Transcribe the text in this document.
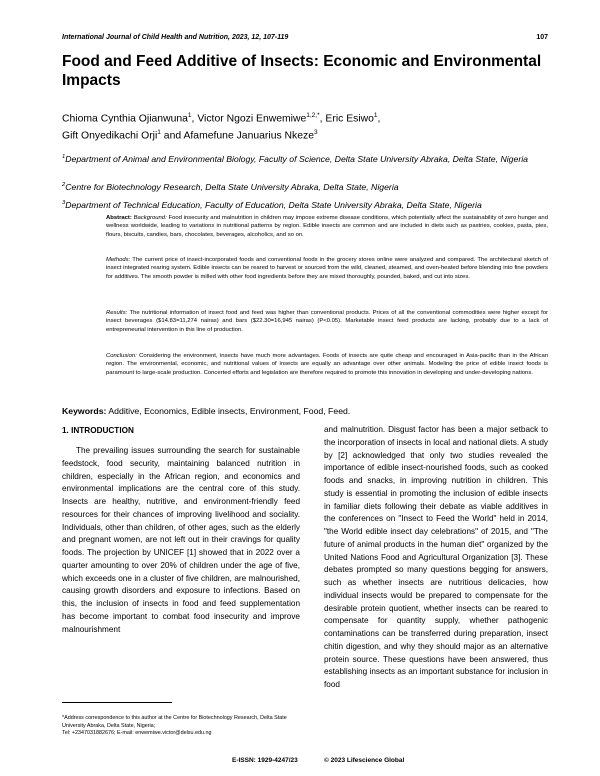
International Journal of Child Health and Nutrition, 2023, 12, 107-119	107
Food and Feed Additive of Insects: Economic and Environmental Impacts
Chioma Cynthia Ojianwuna$^1$, Victor Ngozi Enwemiwe$^{1,2,*}$, Eric Esiwo$^1$,
Gift Onyedikachi Orji$^1$ and Afamefune Januarius Nkeze$^3$
$^1$Department of Animal and Environmental Biology, Faculty of Science, Delta State University Abraka, Delta State, Nigeria
$^2$Centre for Biotechnology Research, Delta State University Abraka, Delta State, Nigeria
$^3$Department of Technical Education, Faculty of Education, Delta State University Abraka, Delta State, Nigeria
Abstract: Background: Food insecurity and malnutrition in children may impose extreme disease conditions, which potentially affect the sustainability of zero hunger and wellness worldwide, leading to variations in nutritional patterns by region. Edible insects are common and are included in diets such as pastries, cookies, pasta, pies, flours, biscuits, candies, bars, chocolates, beverages, alcoholics, and so on.
Methods: The current price of insect-incorporated foods and conventional foods in the grocery stores online were analyzed and compared. The architectural sketch of insect integrated rearing system. Edible insects can be reared to harvest or sourced from the wild, cleaned, steamed, and oven-heated before blending into fine powders for additives. The smooth powder is milled with other food ingredients before they are mixed thoroughly, pounded, baked, and cut into sizes.
Results: The nutritional information of insect food and feed was higher than conventional products. Prices of all the conventional commodities were higher except for insect beverages ($14.83=11,274 nairas) and bars ($22.30=16,945 nairas) (P<0.05). Marketable insect feed products are lacking, probably due to a lack of entrepreneurial intervention in this line of production.
Conclusion: Considering the environment, insects have much more advantages. Foods of insects are quite cheap and encouraged in Asia-pacific than in the African region. The environmental, economic, and nutritional values of insects are equally an advantage over other animals. Modeling the price of edible insect foods is paramount to large-scale production. Concerted efforts and legislation are therefore required to promote this innovation in developing and under-developing nations.
Keywords: Additive, Economics, Edible insects, Environment, Food, Feed.
1. INTRODUCTION

The prevailing issues surrounding the search for sustainable feedstock, food security, maintaining balanced nutrition in children, especially in the African region, and economics and environmental implications are the central core of this study. Insects are healthy, nutritive, and environment-friendly feed resources for their chances of improving livelihood and sociality. Individuals, other than children, of other ages, such as the elderly and pregnant women, are not left out in their cravings for quality foods. The projection by UNICEF [1] showed that in 2022 over a quarter amounting to over 20% of children under the age of five, which exceeds one in a cluster of five children, are malnourished, causing growth disorders and exposure to infections. Based on this, the inclusion of insects in food and feed supplementation has become important to combat food insecurity and improve malnourishment

and malnutrition. Disgust factor has been a major setback to the incorporation of insects in local and national diets. A study by [2] acknowledged that only two studies revealed the importance of edible insect-nourished foods, such as cooked foods and snacks, in improving nutrition in children. This study is essential in promoting the inclusion of edible insects in familiar diets following their debate as viable additives in the conferences on "Insect to Feed the World" held in 2014, "the World edible insect day celebrations" of 2015, and "The future of animal products in the human diet" organized by the United Nations Food and Agricultural Organization [3]. These debates prompted so many questions begging for answers, such as whether insects are nutritious delicacies, how individual insects would be prepared to compensate for the desirable protein quotient, whether insects can be reared to compensate for quantity supply, whether pathogenic contaminations can be transferred during preparation, insect chitin digestion, and why they should major as an alternative protein source. These questions have been answered, thus establishing insects as an important substance for inclusion in food

*Address correspondence to this author at the Centre for Biotechnology Research, Delta State University Abraka, Delta State, Nigeria;
Tel: +2347031882676; E-mail: enwemiwe.victor@delsu.edu.ng
E-ISSN: 1929-4247/23	© 2023 Lifescience Global
